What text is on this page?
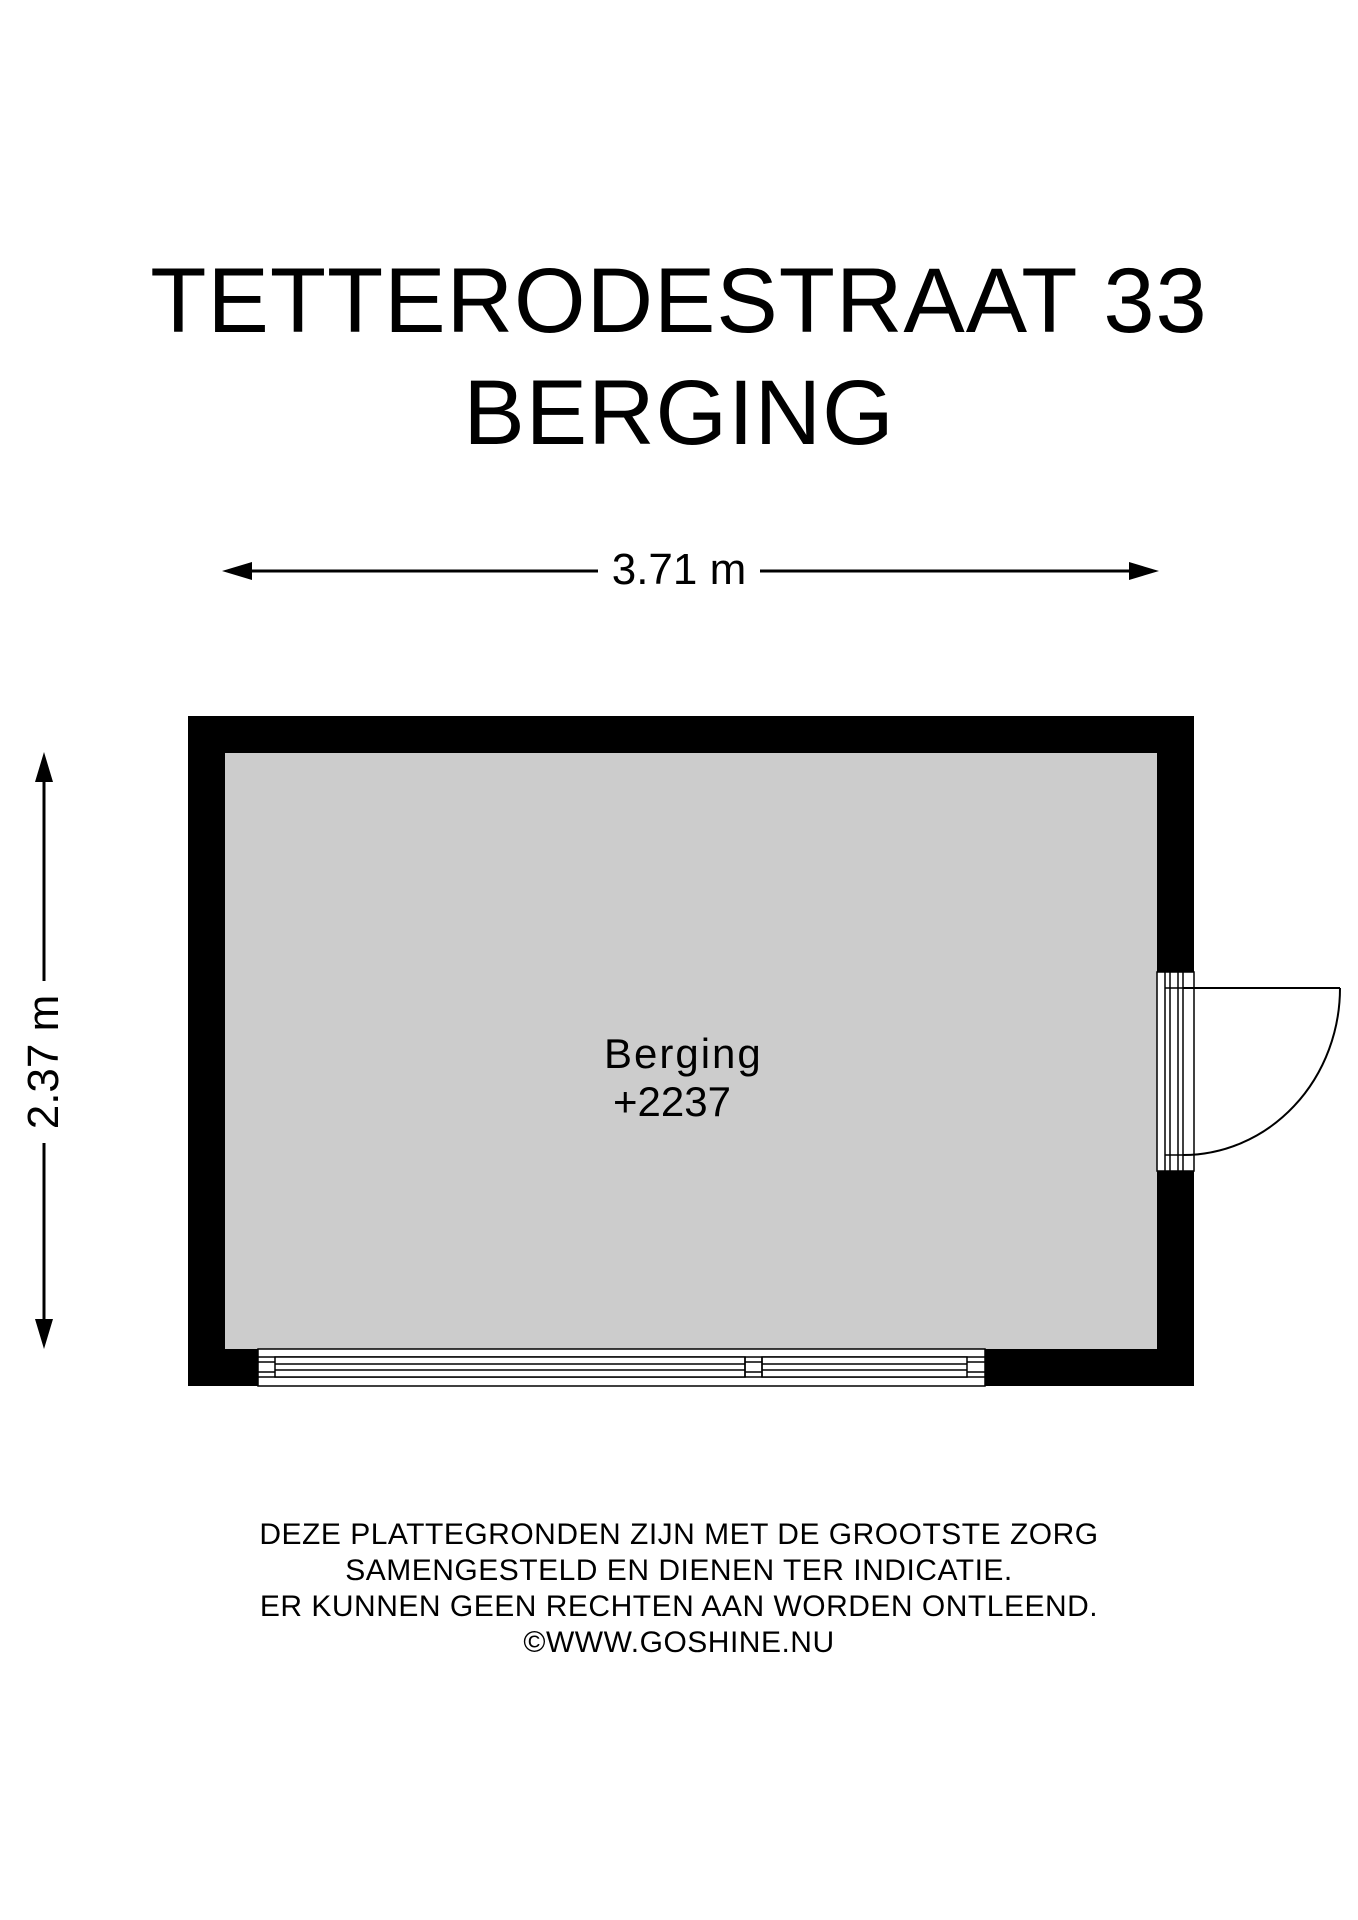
TETTERODESTRAAT 33
BERGING
3.71 m
2.37 m	Berging
+2237
DEZE PLATTEGRONDEN ZIJN MET DE GROOTSTE ZORG
SAMENGESTELD EN DIENEN TER INDICATIE.
ER KUNNEN GEEN RECHTEN AAN WORDEN ONTLEEND.
©WWW.GOSHINE.NU
